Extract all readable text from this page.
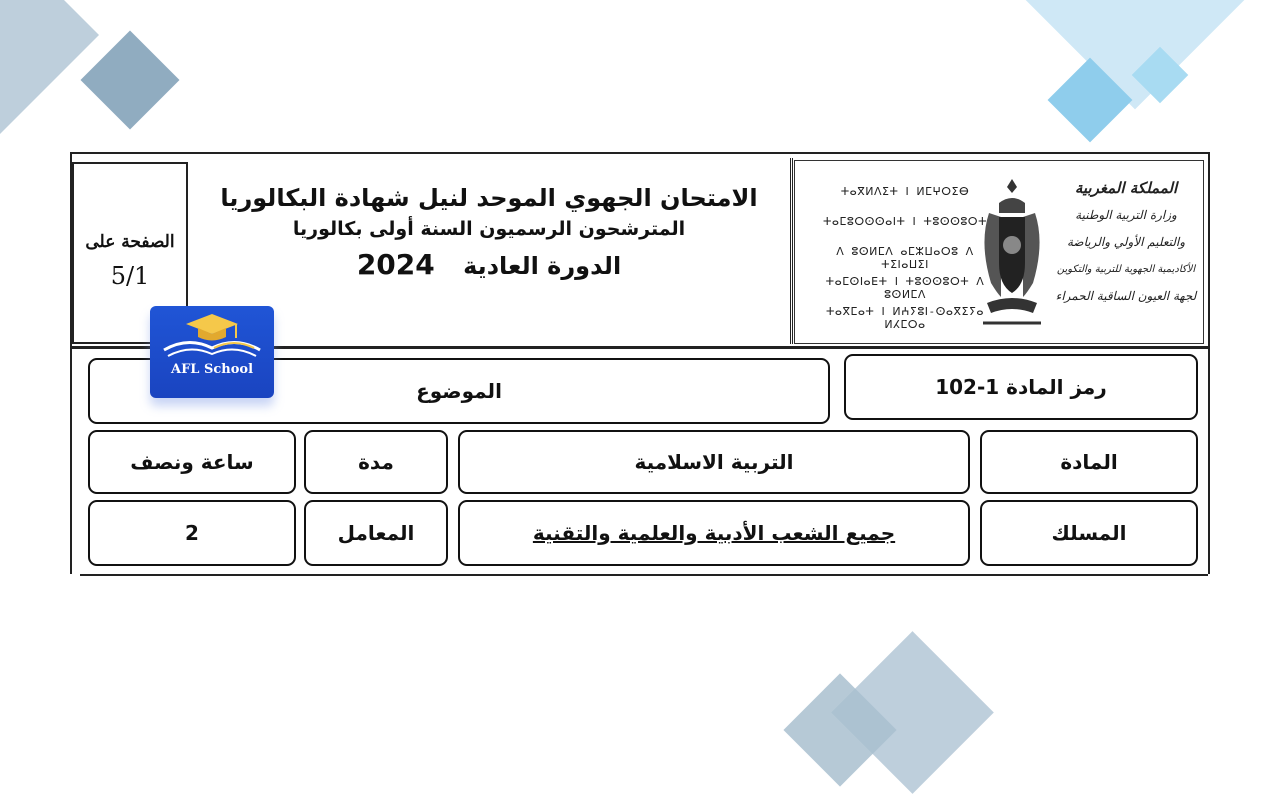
الصفحة على
5/1
الامتحان الجهوي الموحد لنيل شهادة البكالوريا
المترشحون الرسميون السنة أولى بكالوريا
الدورة العادية 2024
ⵜⴰⴳⵍⴷⵉⵜ ⵏ ⵍⵎⵖⵔⵉⴱ
ⵜⴰⵎⵓⵔⵙⵙⴰⵏⵜ ⵏ ⵜⵓⵙⵙⵓⵔⵜ
ⴷ ⵓⵙⵍⵎⴷ ⴰⵎⵣⵡⴰⵔⵓ ⴷ ⵜⵉⵏⴰⵡⵉⵏ
ⵜⴰⵎⵙⵏⴰⴹⵜ ⵏ ⵜⵓⵙⵙⵓⵔⵜ ⴷ ⵓⵙⵍⵎⴷ
ⵜⴰⴳⵎⴰⵜ ⵏ ⵍⵄⵢⵓⵏ-ⵙⴰⴳⵉⵢⴰ ⵍⵃⵎⵔⴰ
المملكة المغربية
وزارة التربية الوطنية
والتعليم الأولي والرياضة
الأكاديمية الجهوية للتربية والتكوين
لجهة العيون الساقية الحمراء
رمز المادة 1-102
الموضوع
المادة
التربية الاسلامية
مدة
ساعة ونصف
المسلك
جميع الشعب الأدبية والعلمية والتقنية
المعامل
2
AFL School
